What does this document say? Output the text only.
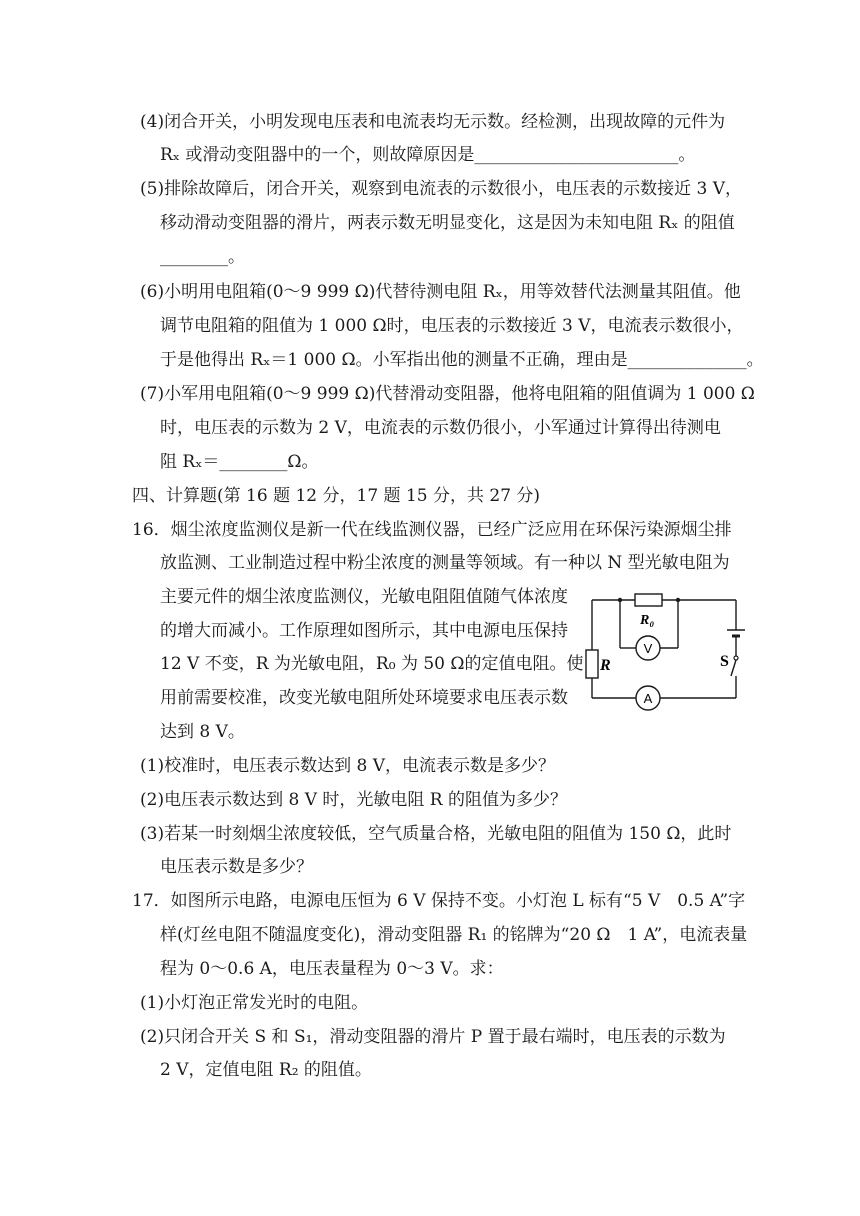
(4)闭合开关，小明发现电压表和电流表均无示数。经检测，出现故障的元件为
Rₓ 或滑动变阻器中的一个，则故障原因是________________________。
(5)排除故障后，闭合开关，观察到电流表的示数很小，电压表的示数接近 3 V，
移动滑动变阻器的滑片，两表示数无明显变化，这是因为未知电阻 Rₓ 的阻值
________。
(6)小明用电阻箱(0～9 999 Ω)代替待测电阻 Rₓ，用等效替代法测量其阻值。他
调节电阻箱的阻值为 1 000 Ω时，电压表的示数接近 3 V，电流表示数很小，
于是他得出 Rₓ＝1 000 Ω。小军指出他的测量不正确，理由是______________。
(7)小军用电阻箱(0～9 999 Ω)代替滑动变阻器，他将电阻箱的阻值调为 1 000 Ω
时，电压表的示数为 2 V，电流表的示数仍很小，小军通过计算得出待测电
阻 Rₓ＝________Ω。
四、计算题(第 16 题 12 分，17 题 15 分，共 27 分)
16．烟尘浓度监测仪是新一代在线监测仪器，已经广泛应用在环保污染源烟尘排
放监测、工业制造过程中粉尘浓度的测量等领域。有一种以 N 型光敏电阻为
主要元件的烟尘浓度监测仪，光敏电阻阻值随气体浓度
的增大而减小。工作原理如图所示，其中电源电压保持
12 V 不变，R 为光敏电阻，R₀ 为 50 Ω的定值电阻。使
用前需要校准，改变光敏电阻所处环境要求电压表示数
达到 8 V。
(1)校准时，电压表示数达到 8 V，电流表示数是多少？
(2)电压表示数达到 8 V 时，光敏电阻 R 的阻值为多少？
(3)若某一时刻烟尘浓度较低，空气质量合格，光敏电阻的阻值为 150 Ω，此时
电压表示数是多少？
17．如图所示电路，电源电压恒为 6 V 保持不变。小灯泡 L 标有“5 V　0.5 A”字
样(灯丝电阻不随温度变化)，滑动变阻器 R₁ 的铭牌为“20 Ω　1 A”，电流表量
程为 0～0.6 A，电压表量程为 0～3 V。求：
(1)小灯泡正常发光时的电阻。
(2)只闭合开关 S 和 S₁，滑动变阻器的滑片 P 置于最右端时，电压表的示数为
2 V，定值电阻 R₂ 的阻值。
R₀
V
R	S
A
